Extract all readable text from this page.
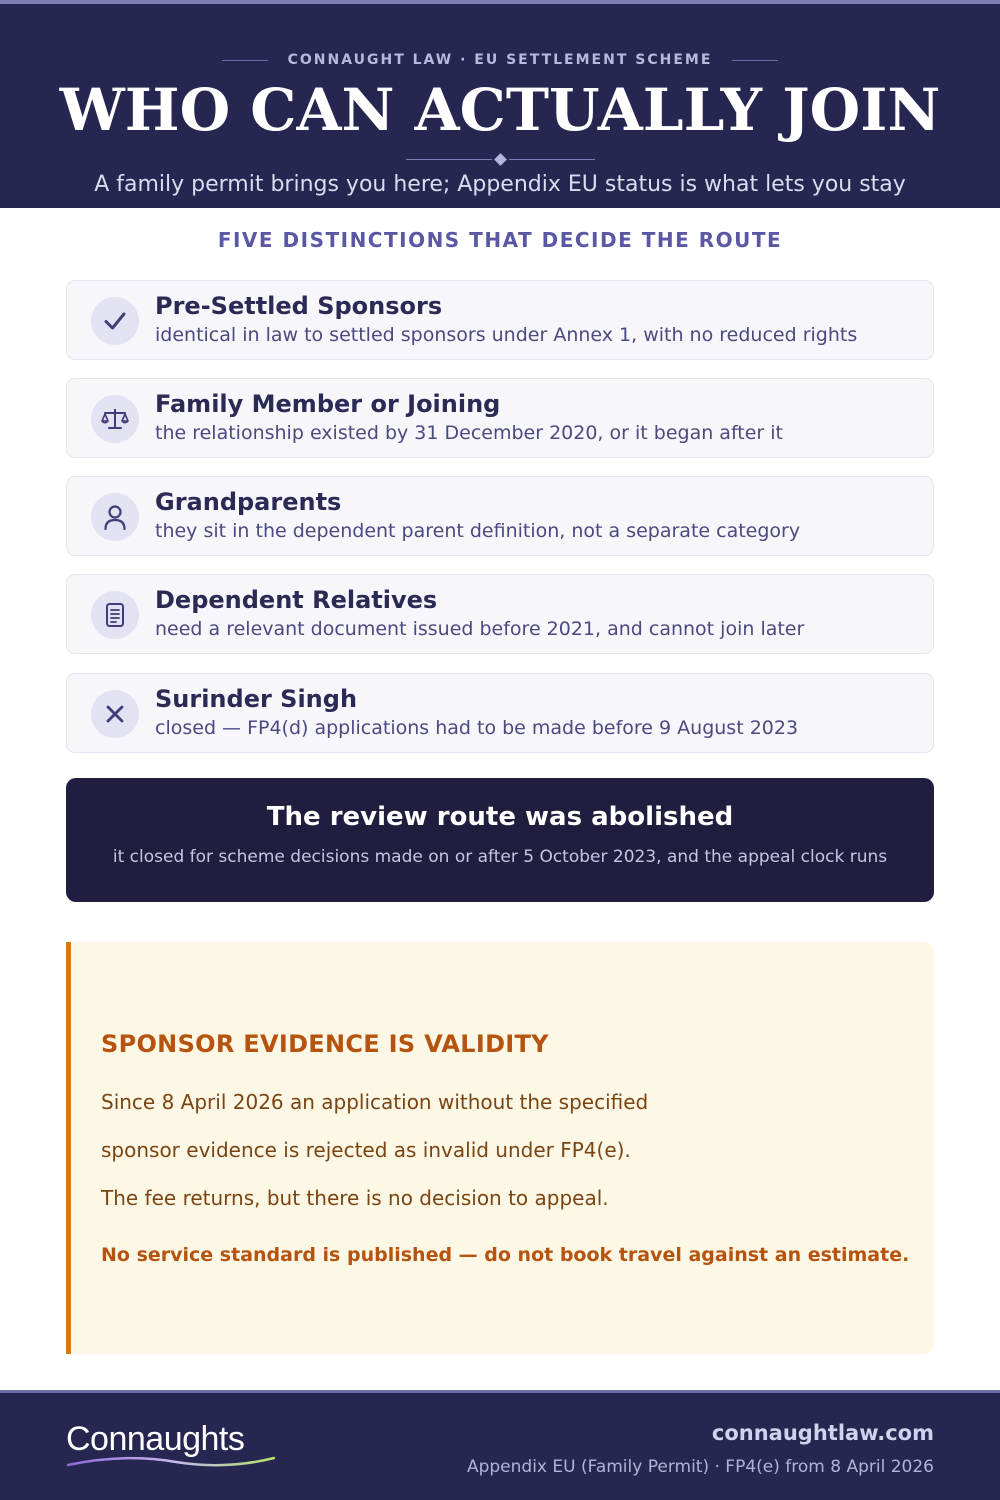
CONNAUGHT LAW · EU SETTLEMENT SCHEME
WHO CAN ACTUALLY JOIN
A family permit brings you here; Appendix EU status is what lets you stay
FIVE DISTINCTIONS THAT DECIDE THE ROUTE
Pre-Settled Sponsors
identical in law to settled sponsors under Annex 1, with no reduced rights
Family Member or Joining
the relationship existed by 31 December 2020, or it began after it
Grandparents
they sit in the dependent parent definition, not a separate category
Dependent Relatives
need a relevant document issued before 2021, and cannot join later
Surinder Singh
closed — FP4(d) applications had to be made before 9 August 2023
The review route was abolished
it closed for scheme decisions made on or after 5 October 2023, and the appeal clock runs
SPONSOR EVIDENCE IS VALIDITY
Since 8 April 2026 an application without the specified
sponsor evidence is rejected as invalid under FP4(e).
The fee returns, but there is no decision to appeal.
No service standard is published — do not book travel against an estimate.
Connaughts	connaughtlaw.com
Appendix EU (Family Permit) · FP4(e) from 8 April 2026
